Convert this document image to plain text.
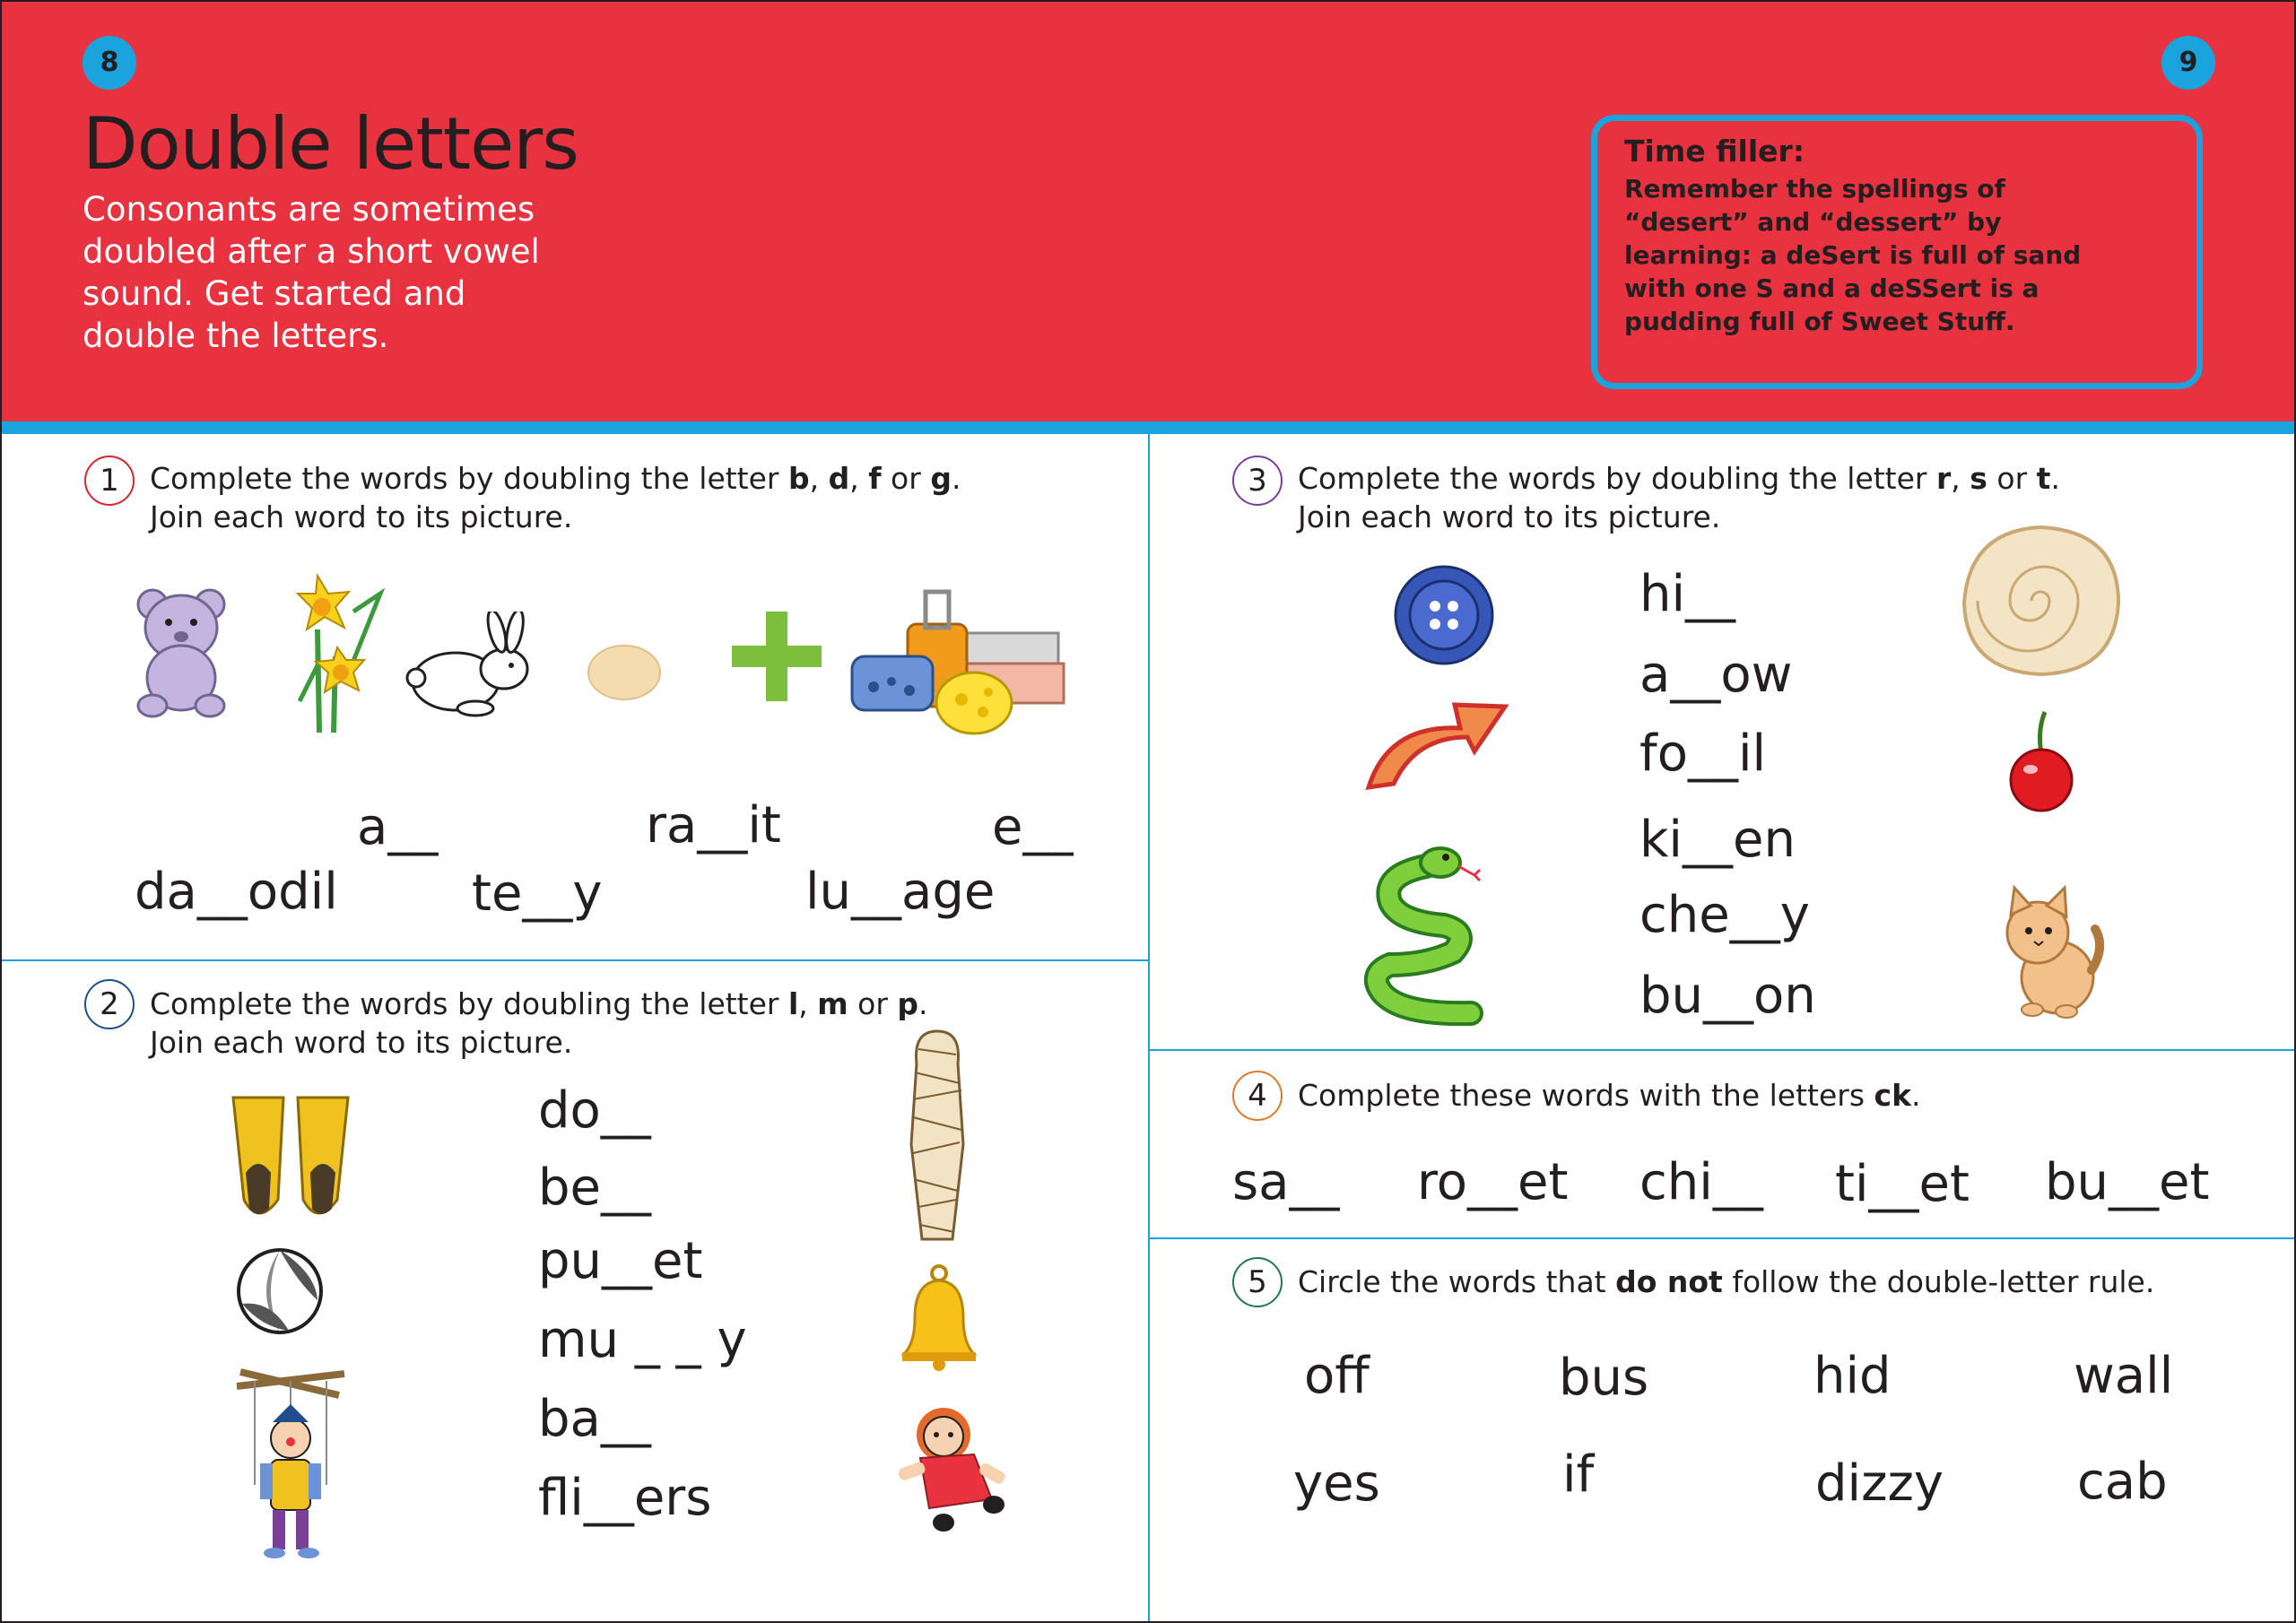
8	9
Double letters

Consonants are sometimes doubled after a short vowel sound. Get started and double the letters.

Time filler:
Remember the spellings of “desert” and “dessert” by learning: a deSert is full of sand with one S and a deSSert is a pudding full of Sweet Stuff.
1	Complete the words by doubling the letter b, d, f or g.
Join each word to its picture.
a__	ra__it	e__
da__odil	te__y	lu__age
2	Complete the words by doubling the letter l, m or p.
Join each word to its picture.
do__
be__
pu__et
mu _ _ y
ba__
fli__ers
3	Complete the words by doubling the letter r, s or t.
Join each word to its picture.
hi__
a__ow
fo__il
ki__en
che__y
bu__on
4	Complete these words with the letters ck.
sa__ ro__et chi__ ti__et bu__et
5	Circle the words that do not follow the double-letter rule.
off	bus	hid	wall
yes	if	dizzy	cab
